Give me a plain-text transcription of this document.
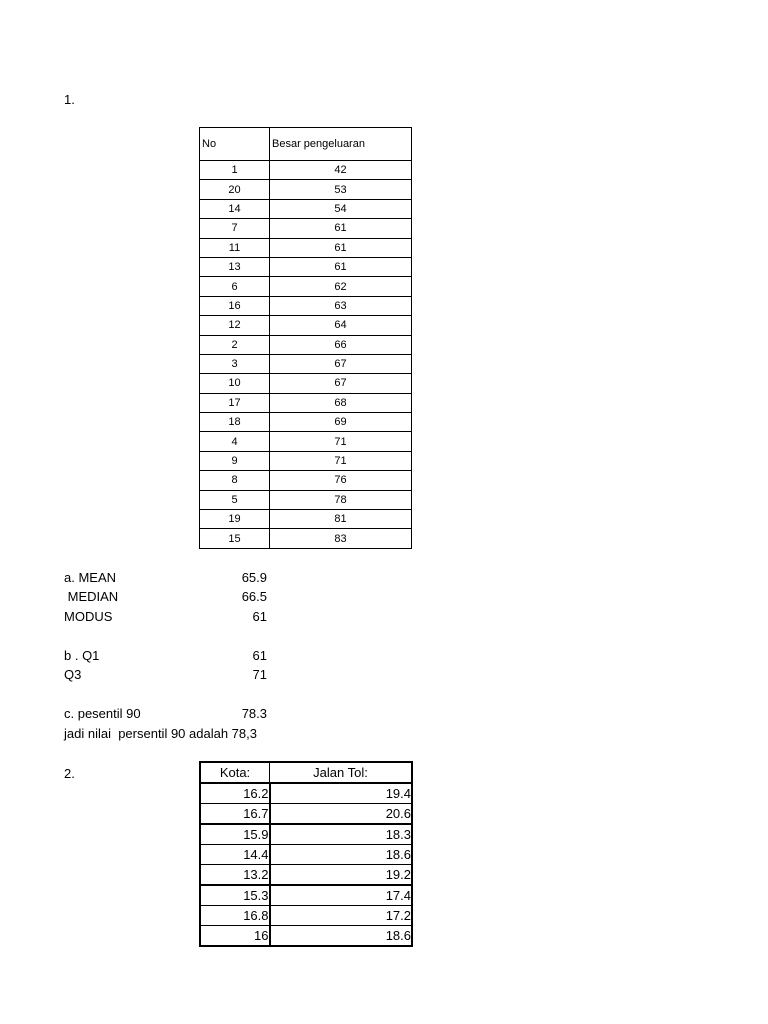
1.
No	Besar pengeluaran
1	42
20	53
14	54
7	61
11	61
13	61
6	62
16	63
12	64
2	66
3	67
10	67
17	68
18	69
4	71
9	71
8	76
5	78
19	81
15	83
a. MEAN	65.9
MEDIAN	66.5
MODUS	61
b . Q1	61
Q3	71
c. pesentil 90	78.3
jadi nilai  persentil 90 adalah 78,3
2.	Kota:	Jalan Tol:
16.2	19.4
16.7	20.6
15.9	18.3
14.4	18.6
13.2	19.2
15.3	17.4
16.8	17.2
16	18.6
